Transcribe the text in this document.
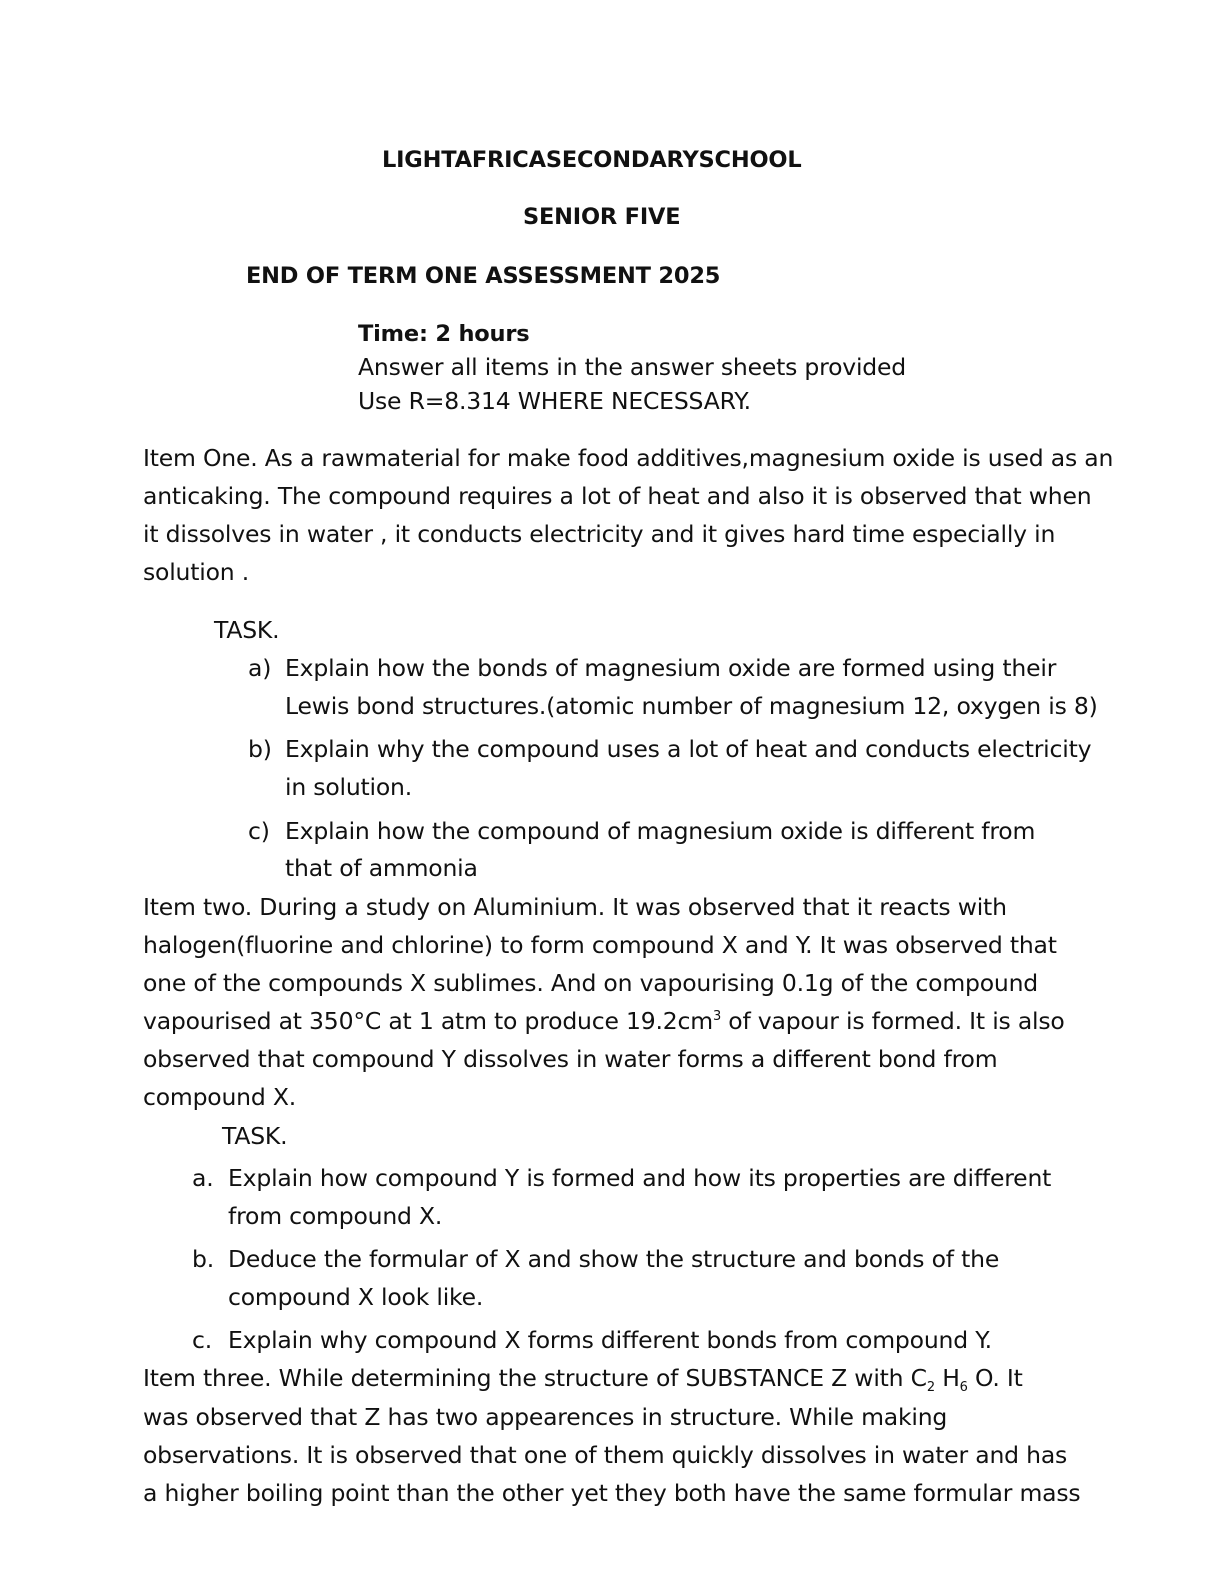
LIGHTAFRICASECONDARYSCHOOL
SENIOR FIVE
END OF TERM ONE ASSESSMENT 2025
Time: 2 hours
Answer all items in the answer sheets provided
Use R=8.314 WHERE NECESSARY.
Item One. As a rawmaterial for make food additives,magnesium oxide is used as an
anticaking. The compound requires a lot of heat and also it is observed that when
it dissolves in water , it conducts electricity and it gives hard time especially in
solution .
TASK.
a) Explain how the bonds of magnesium oxide are formed using their
Lewis bond structures.(atomic number of magnesium 12, oxygen is 8)
b) Explain why the compound uses a lot of heat and conducts electricity
in solution.
c) Explain how the compound of magnesium oxide is different from
that of ammonia
Item two. During a study on Aluminium. It was observed that it reacts with
halogen(fluorine and chlorine) to form compound X and Y. It was observed that
one of the compounds X sublimes. And on vapourising 0.1g of the compound
vapourised at 350°C at 1 atm to produce $19.2cm^3$ of vapour is formed. It is also
observed that compound Y dissolves in water forms a different bond from
compound X.
TASK.
a. Explain how compound Y is formed and how its properties are different
from compound X.
b. Deduce the formular of X and show the structure and bonds of the
compound X look like.
c. Explain why compound X forms different bonds from compound Y.
Item three. While determining the structure of SUBSTANCE Z with $C_2$ $H_6$ O. It
was observed that Z has two appearences in structure. While making
observations. It is observed that one of them quickly dissolves in water and has
a higher boiling point than the other yet they both have the same formular mass
